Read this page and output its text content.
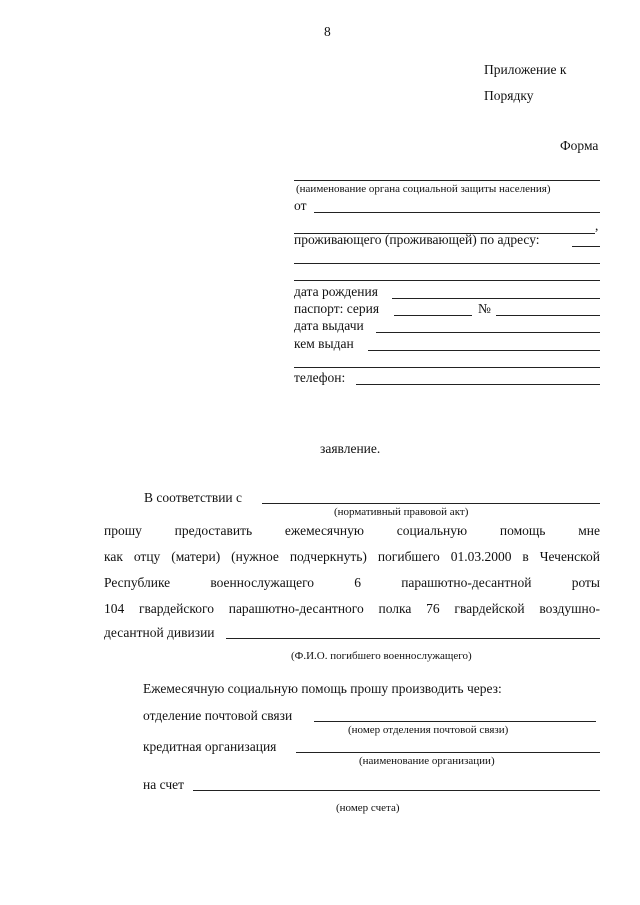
8
Приложение к
Порядку
Форма
(наименование органа социальной защиты населения)
от
,
проживающего (проживающей) по адресу:
дата рождения
паспорт: серия	№
дата выдачи
кем выдан
телефон:
заявление.
В соответствии с
(нормативный правовой акт)
прошу предоставить ежемесячную социальную помощь мне
как отцу (матери) (нужное подчеркнуть) погибшего 01.03.2000 в Чеченской
Республике военнослужащего 6 парашютно-десантной роты
104 гвардейского парашютно-десантного полка 76 гвардейской воздушно-
десантной дивизии
(Ф.И.О. погибшего военнослужащего)
Ежемесячную социальную помощь прошу производить через:
отделение почтовой связи
(номер отделения почтовой связи)
кредитная организация
(наименование организации)
на счет
(номер счета)
